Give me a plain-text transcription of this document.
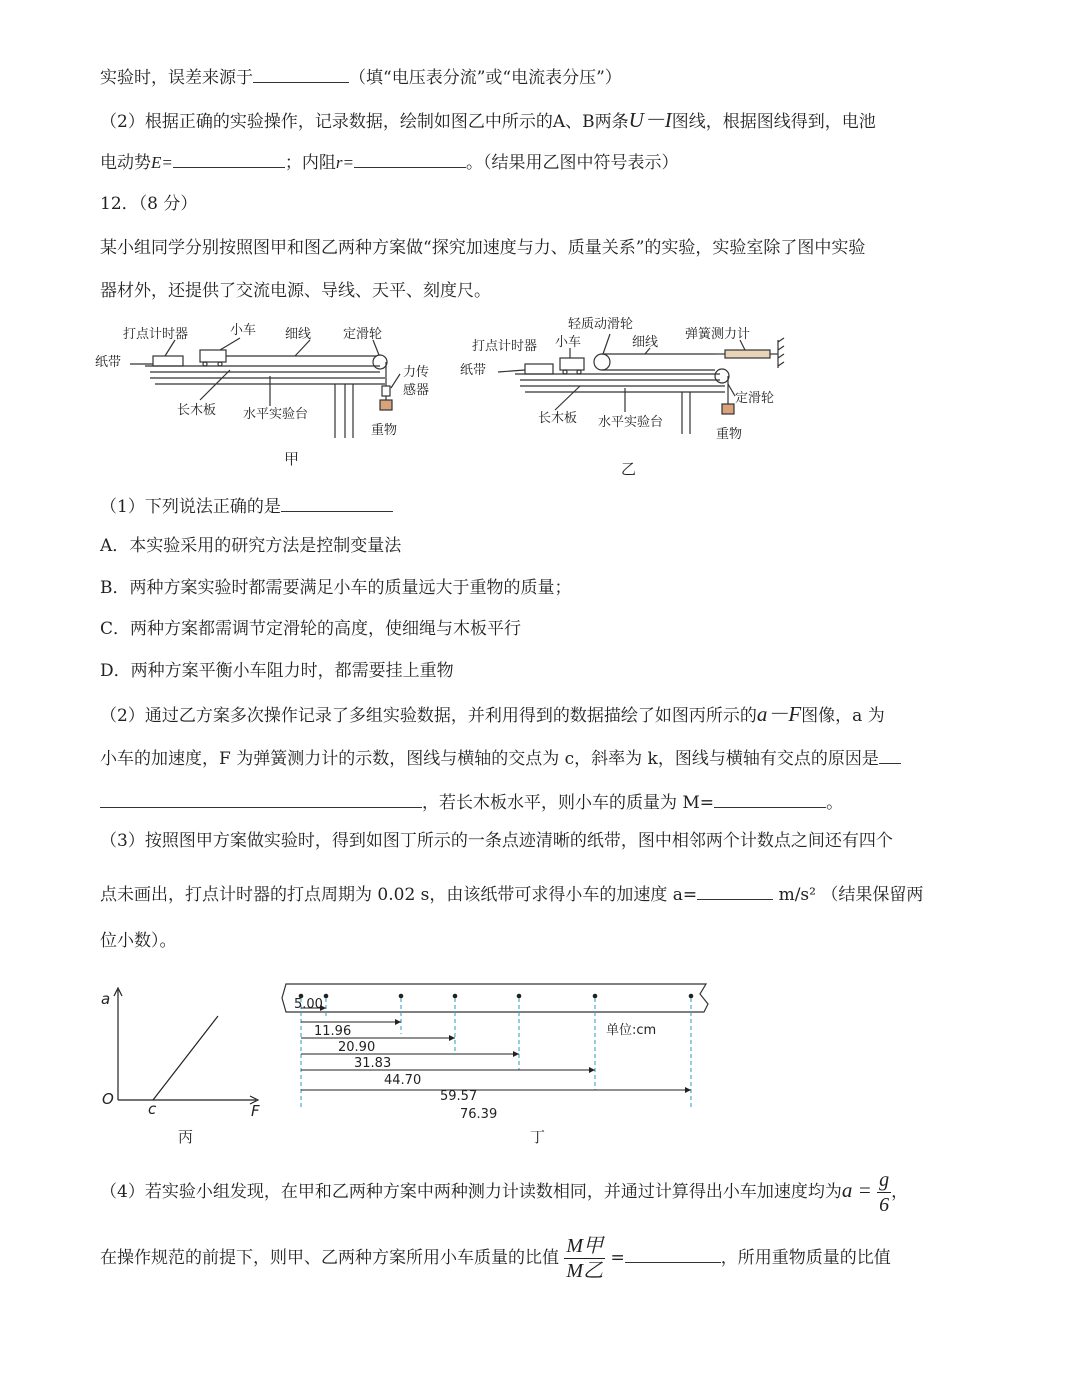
实验时，误差来源于	（填“电压表分流”或“电流表分压”）
（2）根据正确的实验操作，记录数据，绘制如图乙中所示的A、B两条U－I图线，根据图线得到，电池
电动势E=	；内阻r=	。（结果用乙图中符号表示）
12．（8 分）
某小组同学分别按照图甲和图乙两种方案做“探究加速度与力、质量关系”的实验，实验室除了图中实验
器材外，还提供了交流电源、导线、天平、刻度尺。
打点计时器	小车 细线 定滑轮
纸带
力传
感器
长木板 水平实验台
重物
甲
轻质动滑轮
弹簧测力计
打点计时器 小车	细线
纸带
长木板 水平实验台
定滑轮
重物
乙
（1）下列说法正确的是
A．本实验采用的研究方法是控制变量法
B．两种方案实验时都需要满足小车的质量远大于重物的质量；
C．两种方案都需调节定滑轮的高度，使细绳与木板平行
D．两种方案平衡小车阻力时，都需要挂上重物
（2）通过乙方案多次操作记录了多组实验数据，并利用得到的数据描绘了如图丙所示的a－F图像，a 为
小车的加速度，F 为弹簧测力计的示数，图线与横轴的交点为 c，斜率为 k，图线与横轴有交点的原因是
，若长木板水平，则小车的质量为 M=	。
（3）按照图甲方案做实验时，得到如图丁所示的一条点迹清晰的纸带，图中相邻两个计数点之间还有四个
点未画出，打点计时器的打点周期为 0.02 s，由该纸带可求得小车的加速度 a=	m/s² （结果保留两
位小数）。
a
O
c	F
丙
5.00
11.96
20.90
31.83
44.70
59.57
76.39
单位:cm
丁
（4）若实验小组发现，在甲和乙两种方案中两种测力计读数相同，并通过计算得出小车加速度均为$a = \frac{g}{6}$ ，
在操作规范的前提下，则甲、乙两种方案所用小车质量的比值 $\frac{\text{M甲}}{\text{M乙}}$ =	，所用重物质量的比值
